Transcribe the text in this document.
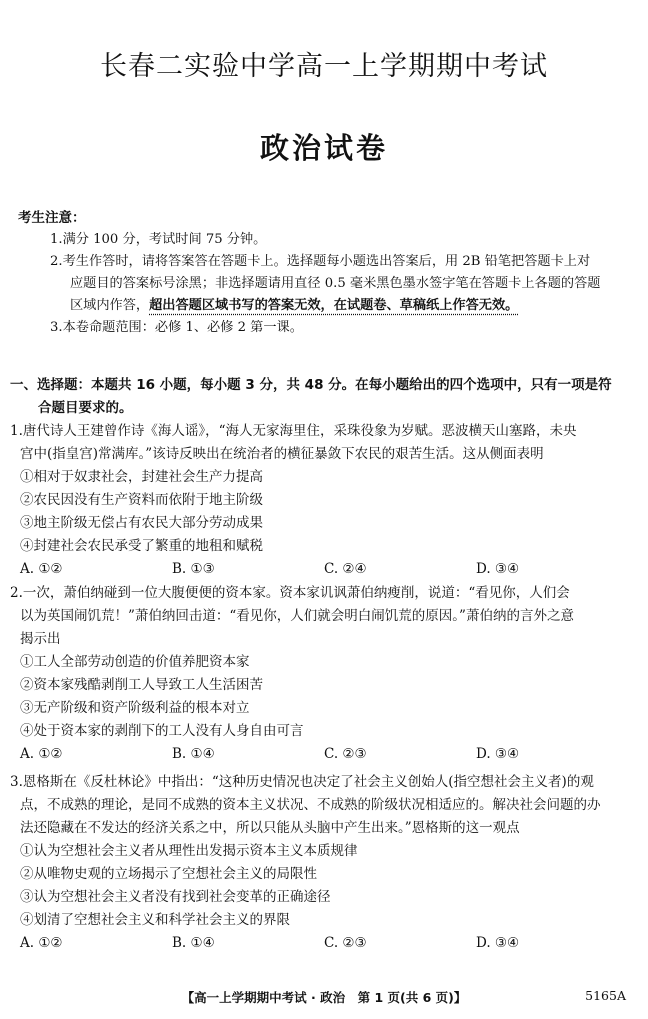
长春二实验中学高一上学期期中考试
政治试卷
考生注意：
1.满分 100 分，考试时间 75 分钟。
2.考生作答时，请将答案答在答题卡上。选择题每小题选出答案后，用 2B 铅笔把答题卡上对
应题目的答案标号涂黑；非选择题请用直径 0.5 毫米黑色墨水签字笔在答题卡上各题的答题
区域内作答，超出答题区域书写的答案无效，在试题卷、草稿纸上作答无效。
3.本卷命题范围：必修 1、必修 2 第一课。
一、选择题：本题共 16 小题，每小题 3 分，共 48 分。在每小题给出的四个选项中，只有一项是符
合题目要求的。
1.唐代诗人王建曾作诗《海人谣》，“海人无家海里住，采珠役象为岁赋。恶波横天山塞路，未央
宫中(指皇宫)常满库。”该诗反映出在统治者的横征暴敛下农民的艰苦生活。这从侧面表明
①相对于奴隶社会，封建社会生产力提高
②农民因没有生产资料而依附于地主阶级
③地主阶级无偿占有农民大部分劳动成果
④封建社会农民承受了繁重的地租和赋税
A. ①②	B. ①③	C. ②④	D. ③④
2.一次，萧伯纳碰到一位大腹便便的资本家。资本家讥讽萧伯纳瘦削，说道：“看见你，人们会
以为英国闹饥荒！”萧伯纳回击道：“看见你，人们就会明白闹饥荒的原因。”萧伯纳的言外之意
揭示出
①工人全部劳动创造的价值养肥资本家
②资本家残酷剥削工人导致工人生活困苦
③无产阶级和资产阶级利益的根本对立
④处于资本家的剥削下的工人没有人身自由可言
A. ①②	B. ①④	C. ②③	D. ③④
3.恩格斯在《反杜林论》中指出：“这种历史情况也决定了社会主义创始人(指空想社会主义者)的观
点，不成熟的理论，是同不成熟的资本主义状况、不成熟的阶级状况相适应的。解决社会问题的办
法还隐藏在不发达的经济关系之中，所以只能从头脑中产生出来。”恩格斯的这一观点
①认为空想社会主义者从理性出发揭示资本主义本质规律
②从唯物史观的立场揭示了空想社会主义的局限性
③认为空想社会主义者没有找到社会变革的正确途径
④划清了空想社会主义和科学社会主义的界限
A. ①②	B. ①④	C. ②③	D. ③④
【高一上学期期中考试 · 政治　第 1 页(共 6 页)】	5165A
